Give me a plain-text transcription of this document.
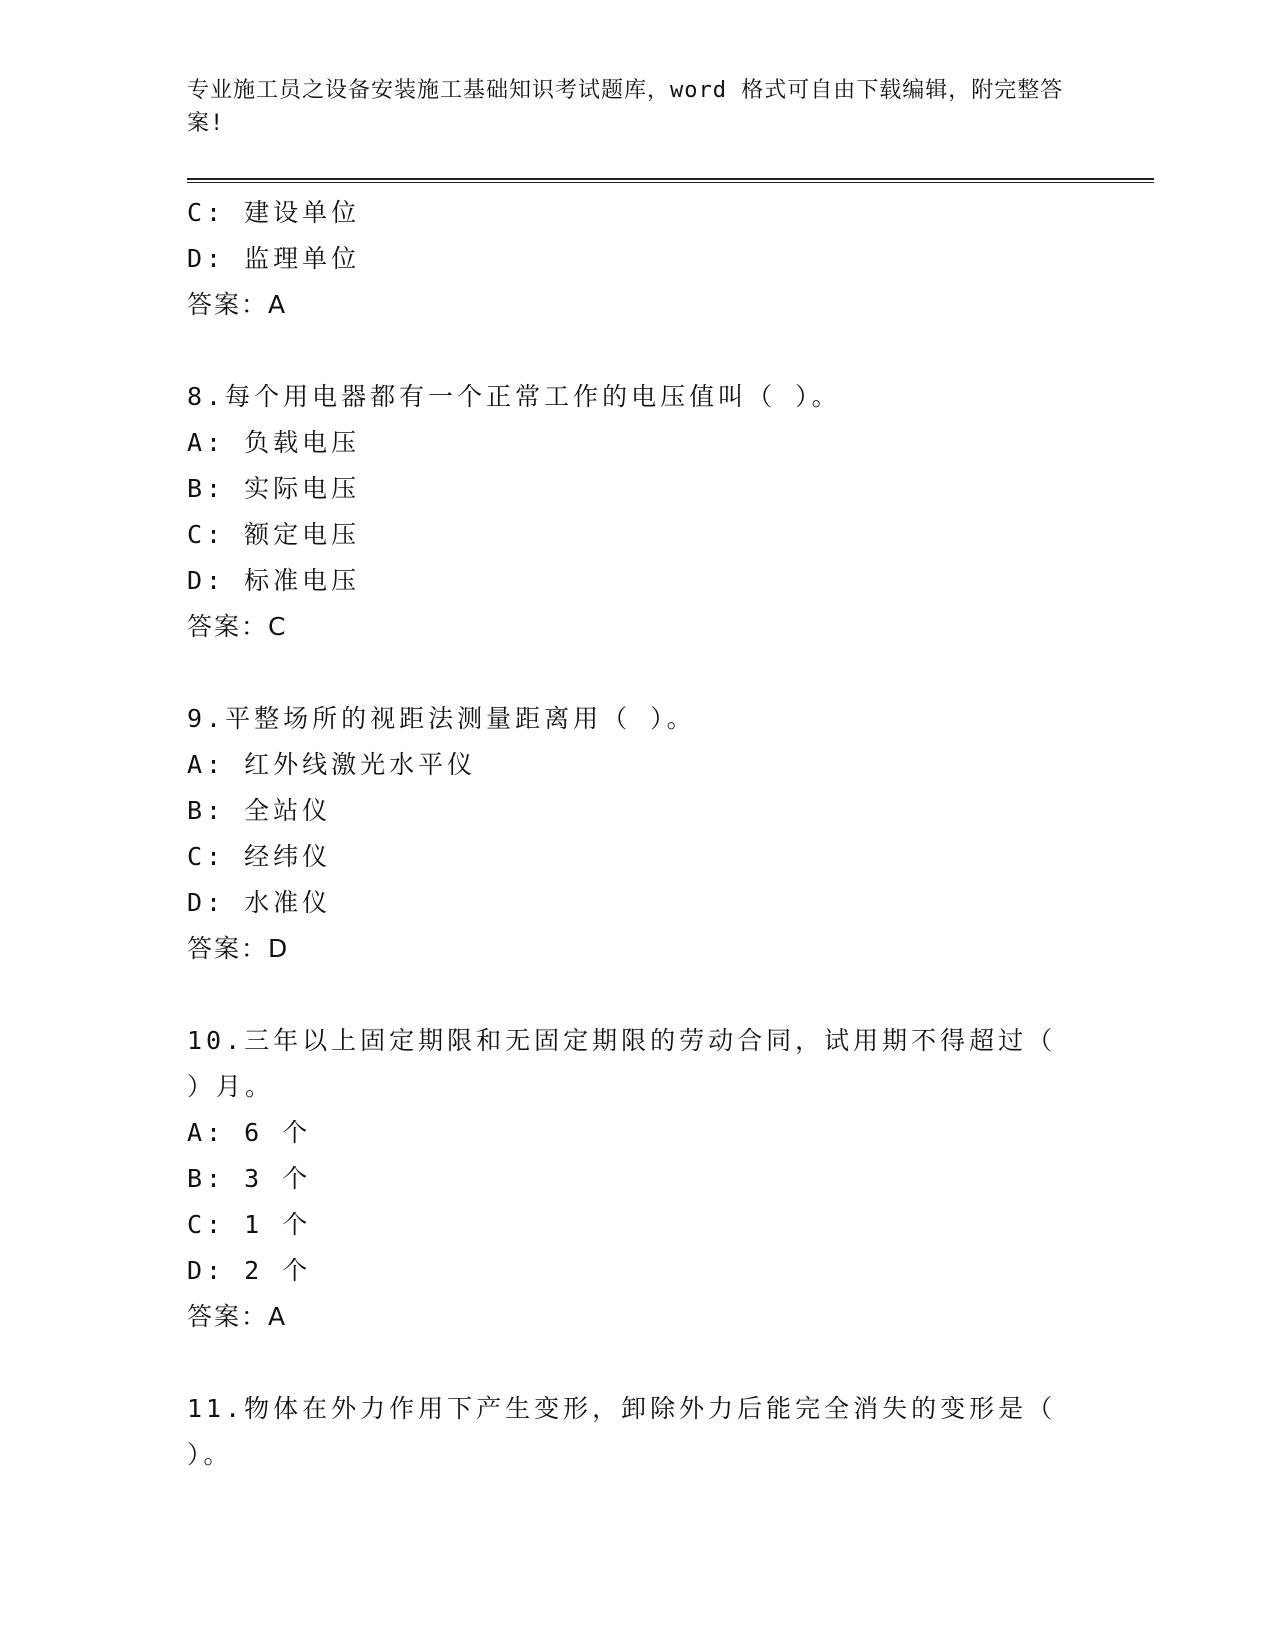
专业施工员之设备安装施工基础知识考试题库，word 格式可自由下载编辑，附完整答案!
C: 建设单位
D: 监理单位
答案：A
8.每个用电器都有一个正常工作的电压值叫（ ）。
A: 负载电压
B: 实际电压
C: 额定电压
D: 标准电压
答案：C
9.平整场所的视距法测量距离用（ ）。
A: 红外线激光水平仪
B: 全站仪
C: 经纬仪
D: 水准仪
答案：D
10.三年以上固定期限和无固定期限的劳动合同，试用期不得超过（ ）月。
A: 6 个
B: 3 个
C: 1 个
D: 2 个
答案：A
11.物体在外力作用下产生变形，卸除外力后能完全消失的变形是（ ）。
